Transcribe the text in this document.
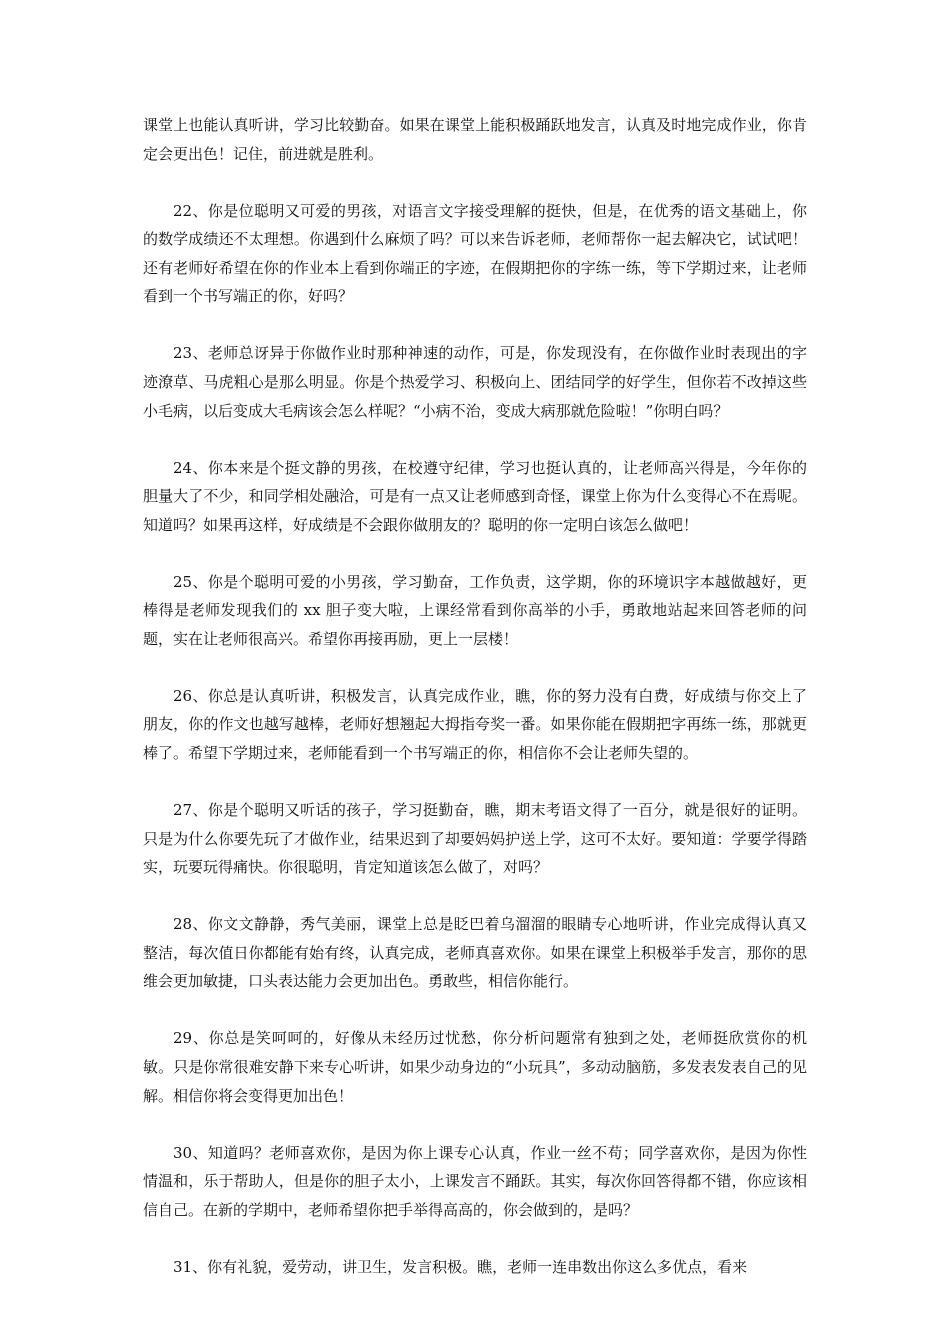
课堂上也能认真听讲，学习比较勤奋。如果在课堂上能积极踊跃地发言，认真及时地完成作业，你肯定会更出色！记住，前进就是胜利。

22、你是位聪明又可爱的男孩，对语言文字接受理解的挺快，但是，在优秀的语文基础上，你的数学成绩还不太理想。你遇到什么麻烦了吗？可以来告诉老师，老师帮你一起去解决它，试试吧！还有老师好希望在你的作业本上看到你端正的字迹，在假期把你的字练一练，等下学期过来，让老师看到一个书写端正的你，好吗？

23、老师总讶异于你做作业时那种神速的动作，可是，你发现没有，在你做作业时表现出的字迹潦草、马虎粗心是那么明显。你是个热爱学习、积极向上、团结同学的好学生，但你若不改掉这些小毛病，以后变成大毛病该会怎么样呢？“小病不治，变成大病那就危险啦！”你明白吗？

24、你本来是个挺文静的男孩，在校遵守纪律，学习也挺认真的，让老师高兴得是，今年你的胆量大了不少，和同学相处融洽，可是有一点又让老师感到奇怪，课堂上你为什么变得心不在焉呢。知道吗？如果再这样，好成绩是不会跟你做朋友的？聪明的你一定明白该怎么做吧！

25、你是个聪明可爱的小男孩，学习勤奋，工作负责，这学期，你的环境识字本越做越好，更棒得是老师发现我们的 xx 胆子变大啦，上课经常看到你高举的小手，勇敢地站起来回答老师的问题，实在让老师很高兴。希望你再接再励，更上一层楼！

26、你总是认真听讲，积极发言，认真完成作业，瞧，你的努力没有白费，好成绩与你交上了朋友，你的作文也越写越棒，老师好想翘起大拇指夸奖一番。如果你能在假期把字再练一练，那就更棒了。希望下学期过来，老师能看到一个书写端正的你，相信你不会让老师失望的。

27、你是个聪明又听话的孩子，学习挺勤奋，瞧，期末考语文得了一百分，就是很好的证明。只是为什么你要先玩了才做作业，结果迟到了却要妈妈护送上学，这可不太好。要知道：学要学得踏实，玩要玩得痛快。你很聪明，肯定知道该怎么做了，对吗？

28、你文文静静，秀气美丽，课堂上总是眨巴着乌溜溜的眼睛专心地听讲，作业完成得认真又整洁，每次值日你都能有始有终，认真完成，老师真喜欢你。如果在课堂上积极举手发言，那你的思维会更加敏捷，口头表达能力会更加出色。勇敢些，相信你能行。

29、你总是笑呵呵的，好像从未经历过忧愁，你分析问题常有独到之处，老师挺欣赏你的机敏。只是你常很难安静下来专心听讲，如果少动身边的“小玩具”，多动动脑筋，多发表发表自己的见解。相信你将会变得更加出色！

30、知道吗？老师喜欢你，是因为你上课专心认真，作业一丝不苟；同学喜欢你，是因为你性情温和，乐于帮助人，但是你的胆子太小，上课发言不踊跃。其实，每次你回答得都不错，你应该相信自己。在新的学期中，老师希望你把手举得高高的，你会做到的，是吗？

31、你有礼貌，爱劳动，讲卫生，发言积极。瞧，老师一连串数出你这么多优点，看来
